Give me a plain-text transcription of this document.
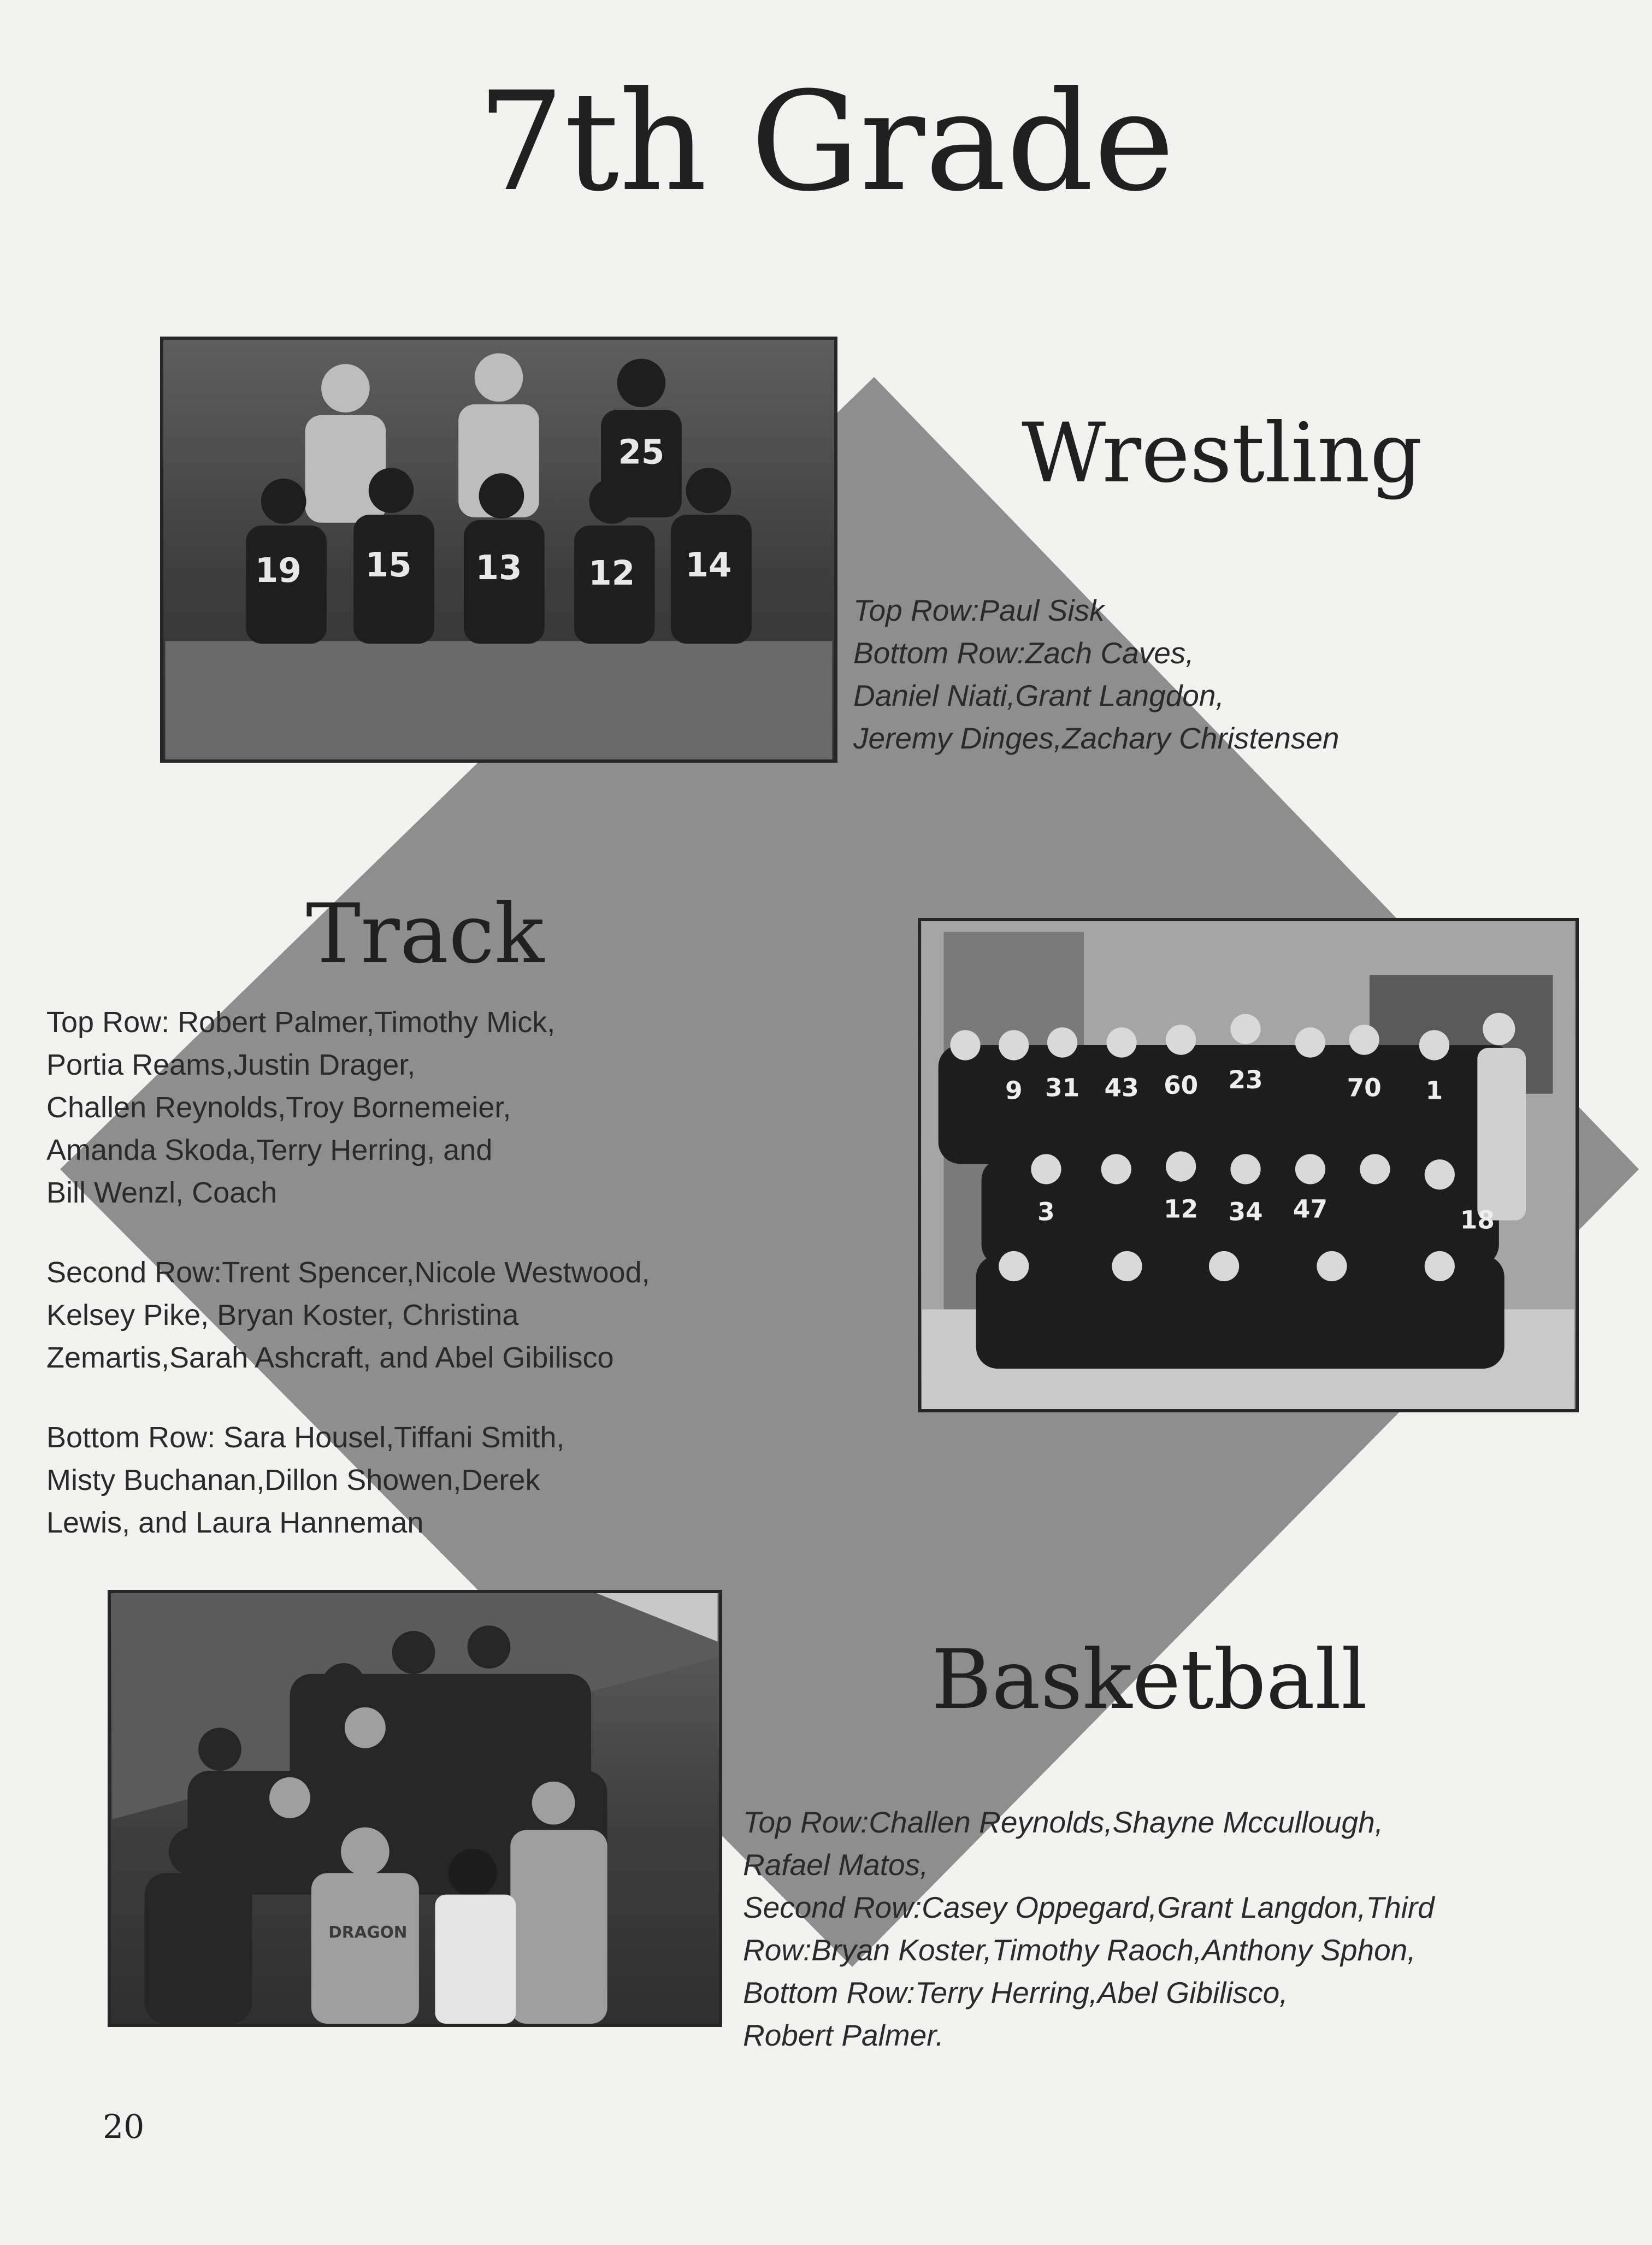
7th Grade
25
19 15 13 12 14
Wrestling
Top Row:Paul Sisk
Bottom Row:Zach Caves,
Daniel Niati,Grant Langdon,
Jeremy Dinges,Zachary Christensen
Track
Top Row: Robert Palmer,Timothy Mick,
Portia Reams,Justin Drager,
Challen Reynolds,Troy Bornemeier,
Amanda Skoda,Terry Herring, and
Bill Wenzl, Coach
Second Row:Trent Spencer,Nicole Westwood,
Kelsey Pike, Bryan Koster, Christina
Zemartis,Sarah Ashcraft, and Abel Gibilisco
Bottom Row: Sara Housel,Tiffani Smith,
Misty Buchanan,Dillon Showen,Derek
Lewis, and Laura Hanneman
9 31 43 60 23	70 1
3	12 34 47	18
DRAGON
Basketball
Top Row:Challen Reynolds,Shayne Mccullough,
Rafael Matos,
Second Row:Casey Oppegard,Grant Langdon,Third
Row:Bryan Koster,Timothy Raoch,Anthony Sphon,
Bottom Row:Terry Herring,Abel Gibilisco,
Robert Palmer.
20
